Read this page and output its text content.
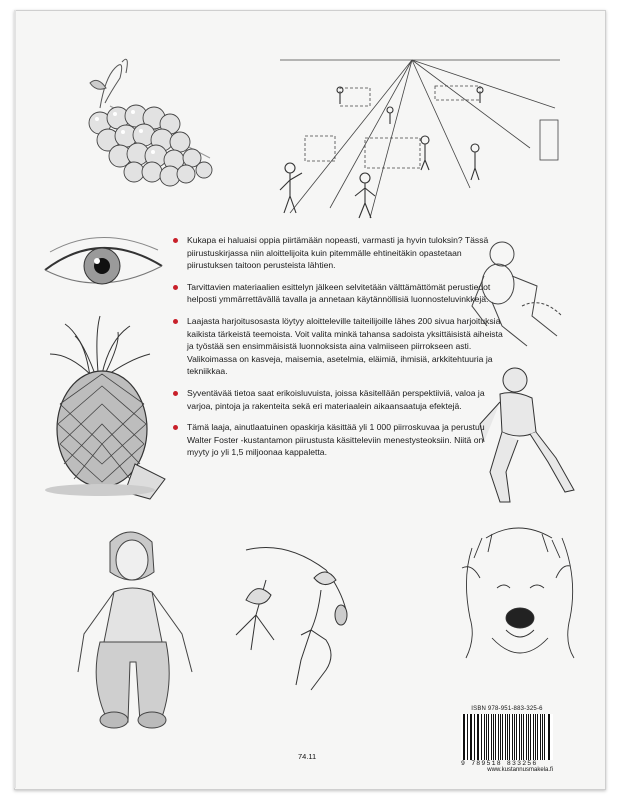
Kukapa ei haluaisi oppia piirtämään nopeasti, varmasti ja hyvin tuloksin? Tässä piirustuskirjassa niin aloittelijoita kuin pitemmälle ehtineitäkin opastetaan piirustuksen taitoon perusteista lähtien.

Tarvittavien materiaalien esittelyn jälkeen selvitetään välttämättömät perustiedot helposti ymmärrettävällä tavalla ja annetaan käytännöllisiä luonnosteluvinkkejä.

Laajasta harjoitusosasta löytyy aloitteleville taiteilijoille lähes 200 sivua harjoituksia kaikista tärkeistä teemoista. Voit valita minkä tahansa sadoista yksittäisistä aiheista ja työstää sen ensimmäisistä luonnoksista aina valmiiseen piirrokseen asti. Valikoimassa on kasveja, maisemia, asetelmia, eläimiä, ihmisiä, arkkitehtuuria ja tekniikkaa.

Syventävää tietoa saat erikoisluvuista, joissa käsitellään perspektiiviä, valoa ja varjoa, pintoja ja rakenteita sekä eri materiaalein aikaansaatuja efektejä.

Tämä laaja, ainutlaatuinen opaskirja käsittää yli 1 000 piirroskuvaa ja perustuu Walter Foster -kustantamon piirustusta käsitteleviin menestysteoksiin. Niitä on myyty jo yli 1,5 miljoonaa kappaletta.

74.11
ISBN 978-951-883-325-6
9 789518 833256
www.kustannusmakela.fi
